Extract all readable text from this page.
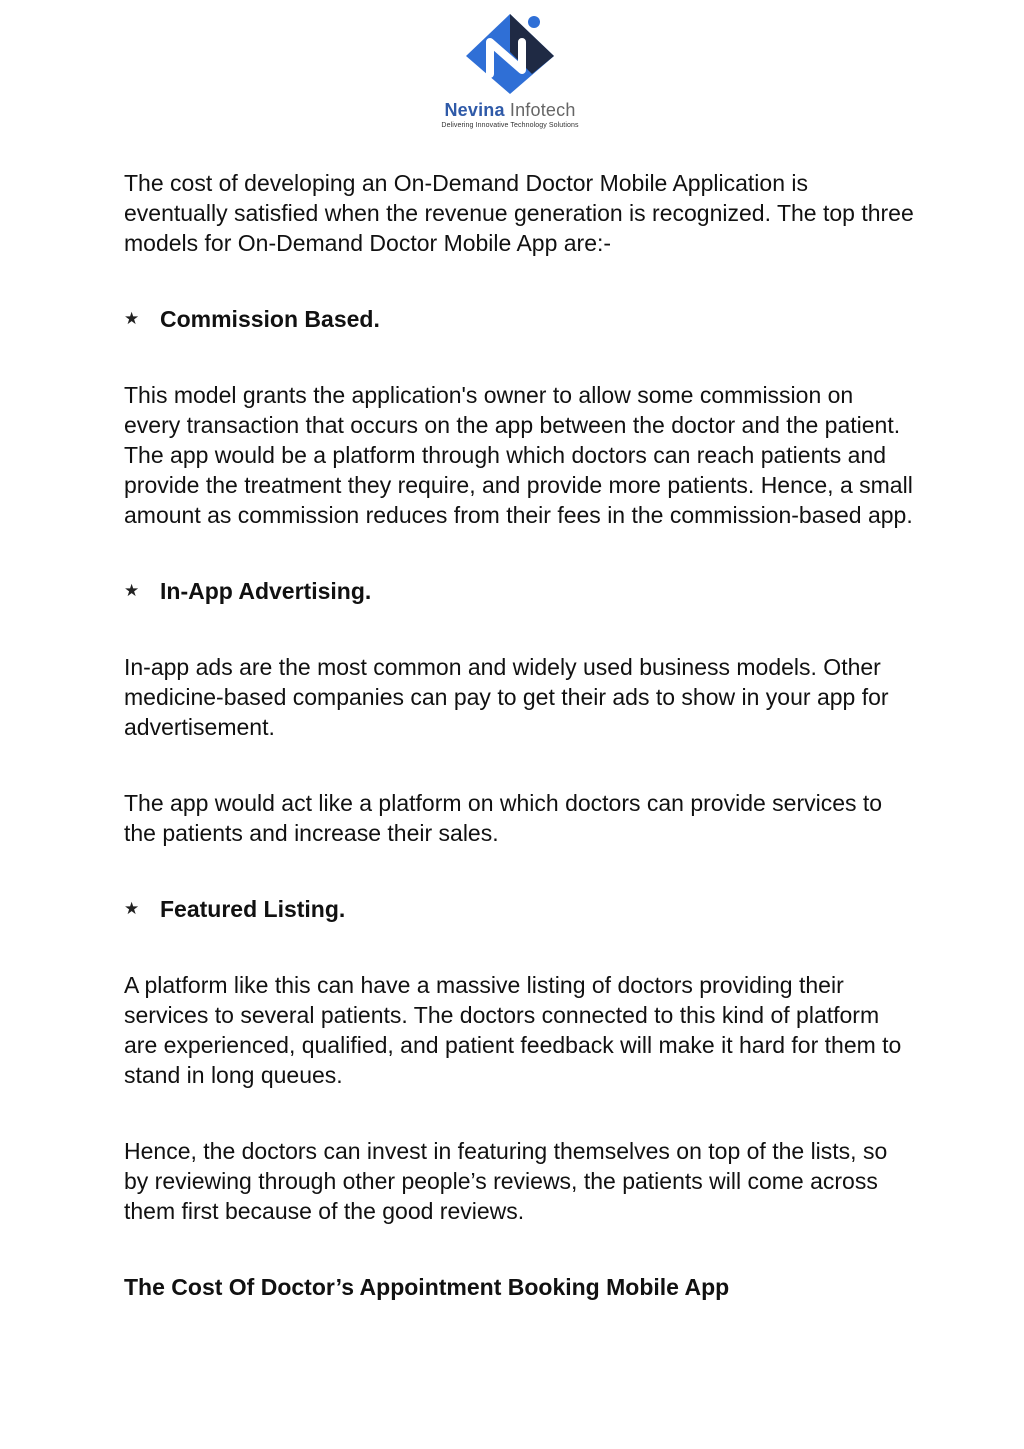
Nevina Infotech
Delivering Innovative Technology Solutions

The cost of developing an On-Demand Doctor Mobile Application is eventually satisfied when the revenue generation is recognized. The top three models for On-Demand Doctor Mobile App are:-

★ Commission Based.

This model grants the application's owner to allow some commission on every transaction that occurs on the app between the doctor and the patient. The app would be a platform through which doctors can reach patients and provide the treatment they require, and provide more patients. Hence, a small amount as commission reduces from their fees in the commission-based app.

★ In-App Advertising.

In-app ads are the most common and widely used business models. Other medicine-based companies can pay to get their ads to show in your app for advertisement.

The app would act like a platform on which doctors can provide services to the patients and increase their sales.

★ Featured Listing.

A platform like this can have a massive listing of doctors providing their services to several patients. The doctors connected to this kind of platform are experienced, qualified, and patient feedback will make it hard for them to stand in long queues.

Hence, the doctors can invest in featuring themselves on top of the lists, so by reviewing through other people’s reviews, the patients will come across them first because of the good reviews.

The Cost Of Doctor’s Appointment Booking Mobile App
